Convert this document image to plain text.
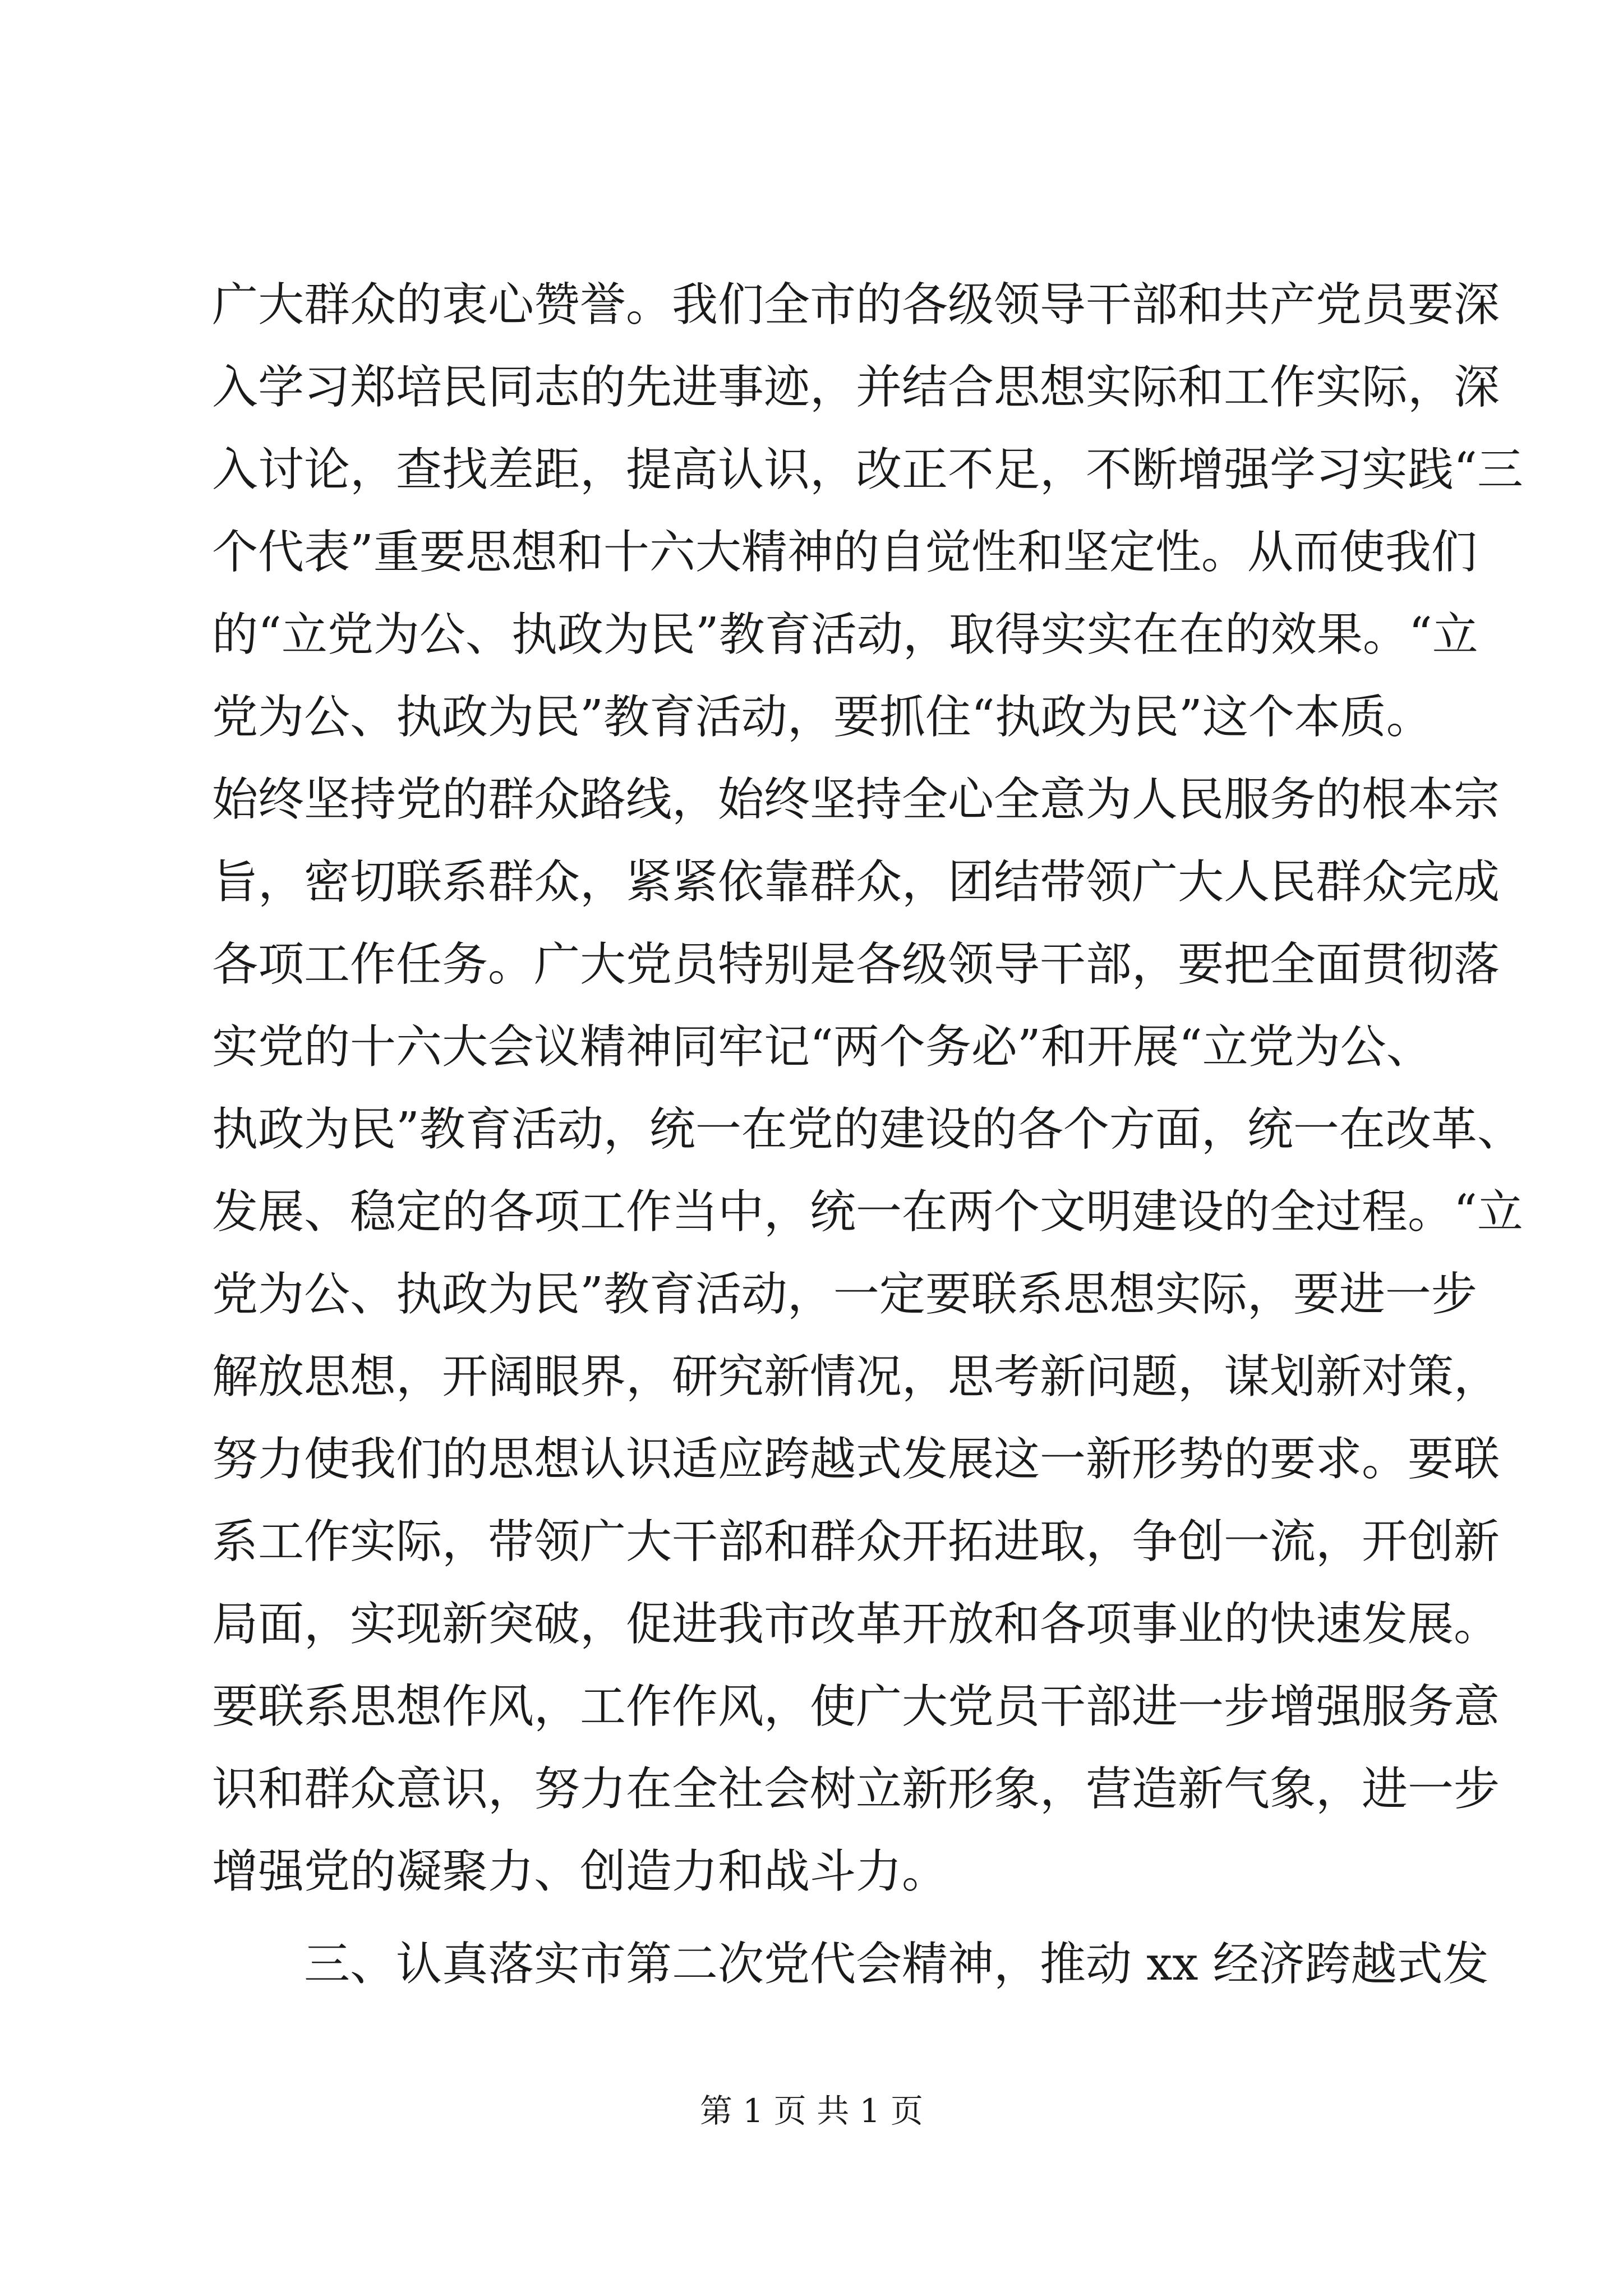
广大群众的衷心赞誉。我们全市的各级领导干部和共产党员要深
入学习郑培民同志的先进事迹，并结合思想实际和工作实际，深
入讨论，查找差距，提高认识，改正不足，不断增强学习实践“三
个代表”重要思想和十六大精神的自觉性和坚定性。从而使我们
的“立党为公、执政为民”教育活动，取得实实在在的效果。“立
党为公、执政为民”教育活动，要抓住“执政为民”这个本质。
始终坚持党的群众路线，始终坚持全心全意为人民服务的根本宗
旨，密切联系群众，紧紧依靠群众，团结带领广大人民群众完成
各项工作任务。广大党员特别是各级领导干部，要把全面贯彻落
实党的十六大会议精神同牢记“两个务必”和开展“立党为公、
执政为民”教育活动，统一在党的建设的各个方面，统一在改革、
发展、稳定的各项工作当中，统一在两个文明建设的全过程。“立
党为公、执政为民”教育活动，一定要联系思想实际，要进一步
解放思想，开阔眼界，研究新情况，思考新问题，谋划新对策，
努力使我们的思想认识适应跨越式发展这一新形势的要求。要联
系工作实际，带领广大干部和群众开拓进取，争创一流，开创新
局面，实现新突破，促进我市改革开放和各项事业的快速发展。
要联系思想作风，工作作风，使广大党员干部进一步增强服务意
识和群众意识，努力在全社会树立新形象，营造新气象，进一步
增强党的凝聚力、创造力和战斗力。
三、认真落实市第二次党代会精神，推动 xx 经济跨越式发
第 1 页 共 1 页
